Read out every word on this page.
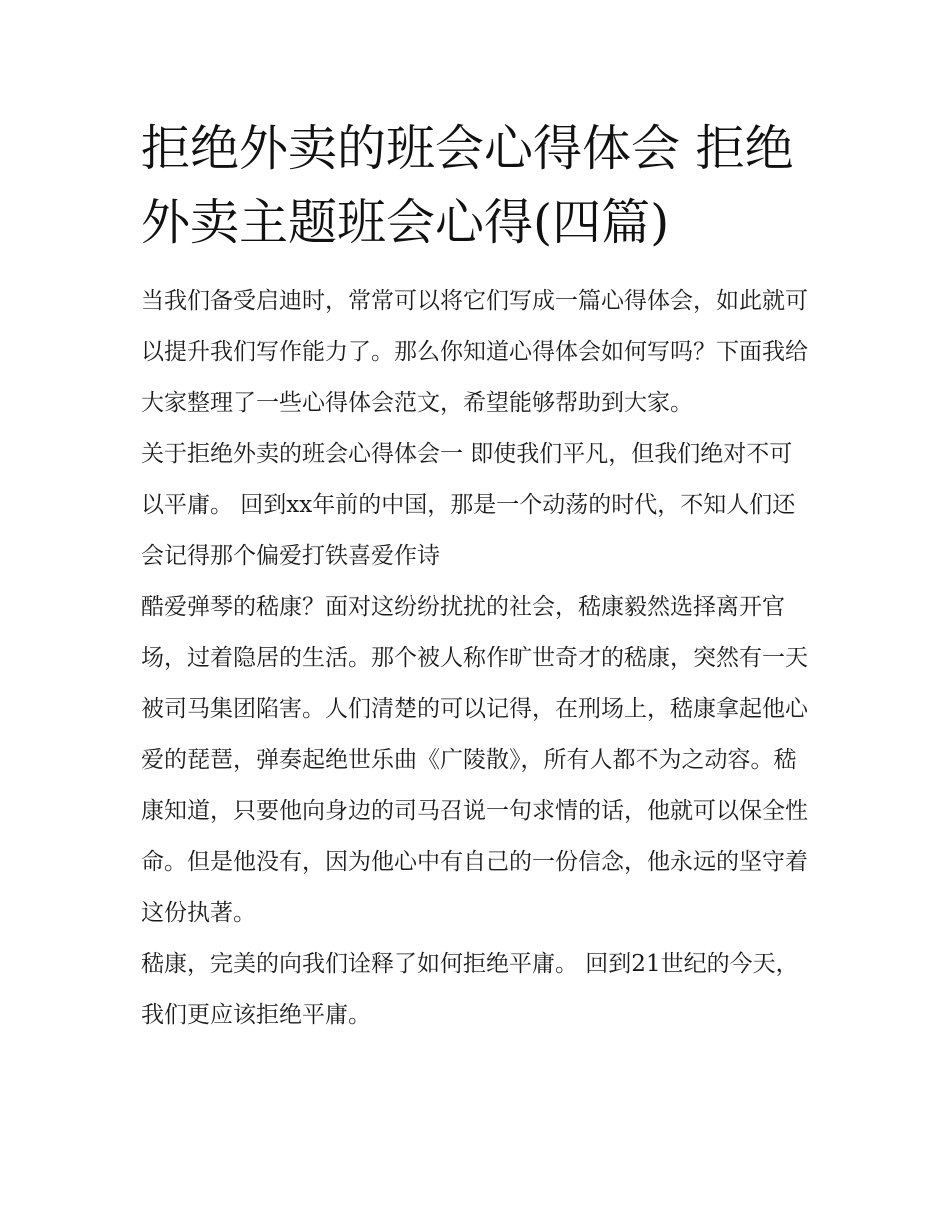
拒绝外卖的班会心得体会 拒绝外卖主题班会心得(四篇)

当我们备受启迪时，常常可以将它们写成一篇心得体会，如此就可以提升我们写作能力了。那么你知道心得体会如何写吗？下面我给大家整理了一些心得体会范文，希望能够帮助到大家。

关于拒绝外卖的班会心得体会一 即使我们平凡，但我们绝对不可以平庸。 回到xx年前的中国，那是一个动荡的时代，不知人们还会记得那个偏爱打铁喜爱作诗

酷爱弹琴的嵇康？面对这纷纷扰扰的社会，嵇康毅然选择离开官场，过着隐居的生活。那个被人称作旷世奇才的嵇康，突然有一天被司马集团陷害。人们清楚的可以记得，在刑场上，嵇康拿起他心爱的琵琶，弹奏起绝世乐曲《广陵散》，所有人都不为之动容。嵇康知道，只要他向身边的司马召说一句求情的话，他就可以保全性命。但是他没有，因为他心中有自己的一份信念，他永远的坚守着这份执著。

嵇康，完美的向我们诠释了如何拒绝平庸。 回到21世纪的今天，我们更应该拒绝平庸。
